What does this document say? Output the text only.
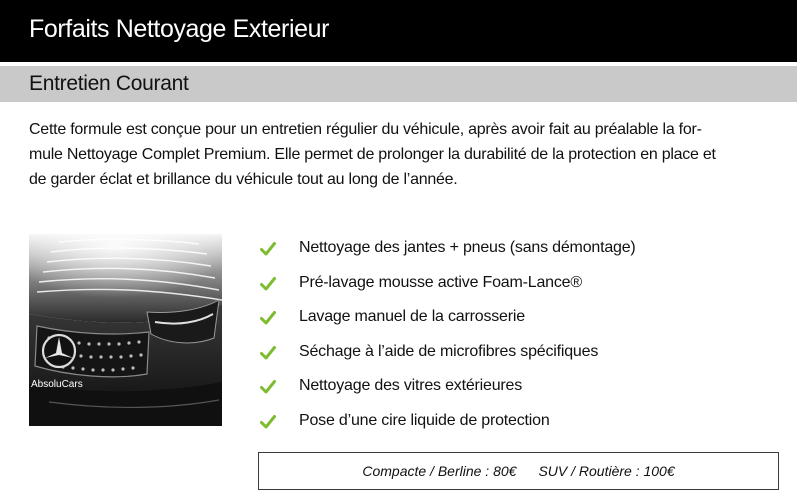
Forfaits Nettoyage Exterieur
Entretien Courant
Cette formule est conçue pour un entretien régulier du véhicule, après avoir fait au préalable la for-
mule Nettoyage Complet Premium. Elle permet de prolonger la durabilité de la protection en place et
de garder éclat et brillance du véhicule tout au long de l’année.
AbsoluCars
Nettoyage des jantes + pneus (sans démontage)
Pré-lavage mousse active Foam-Lance®
Lavage manuel de la carrosserie
Séchage à l’aide de microfibres spécifiques
Nettoyage des vitres extérieures
Pose d’une cire liquide de protection
Compacte / Berline :
80€ SUV / Routière :
100€
